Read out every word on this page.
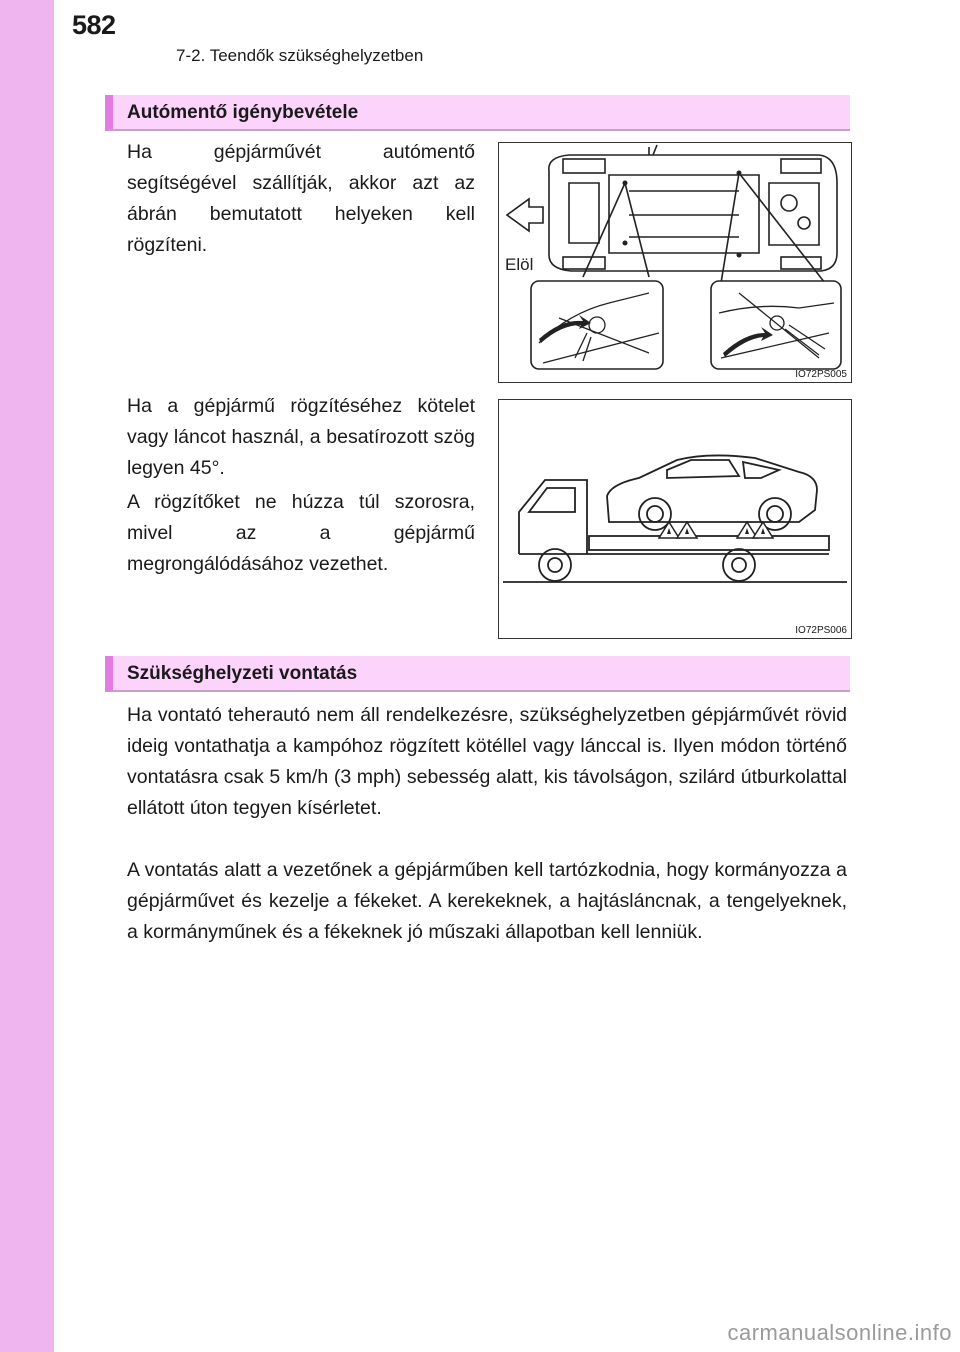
582
7-2. Teendők szükséghelyzetben
Autómentő igénybevétele

Ha gépjárművét autómentő segítségével szállítják, akkor azt az ábrán bemutatott helyeken kell rögzíteni.

Ha a gépjármű rögzítéséhez kötelet vagy láncot használ, a besatírozott szög legyen 45°.

A rögzítőket ne húzza túl szorosra, mivel az a gépjármű megrongálódásához vezethet.

Elöl
IO72PS005
IO72PS006
Szükséghelyzeti vontatás

Ha vontató teherautó nem áll rendelkezésre, szükséghelyzetben gépjárművét rövid ideig vontathatja a kampóhoz rögzített kötéllel vagy lánccal is. Ilyen módon történő vontatásra csak 5 km/h (3 mph) sebesség alatt, kis távolságon, szilárd útburkolattal ellátott úton tegyen kísérletet.

A vontatás alatt a vezetőnek a gépjárműben kell tartózkodnia, hogy kormányozza a gépjárművet és kezelje a fékeket. A kerekeknek, a hajtásláncnak, a tengelyeknek, a kormányműnek és a fékeknek jó műszaki állapotban kell lenniük.

carmanualsonline.info
